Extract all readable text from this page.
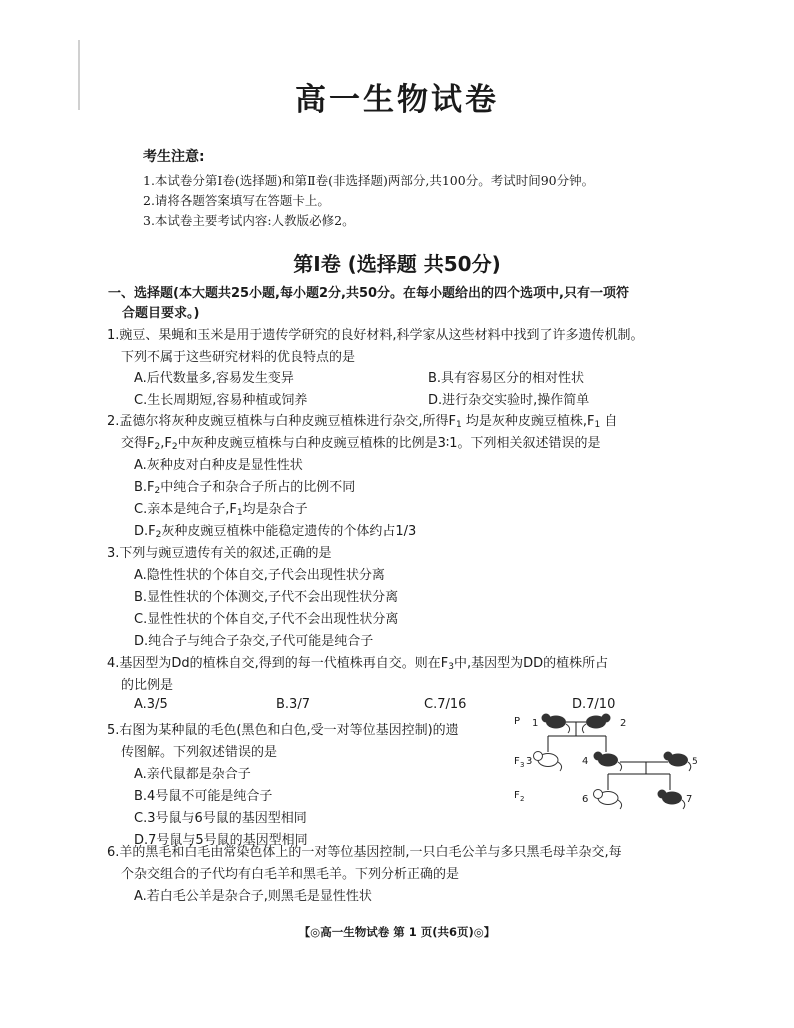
高一生物试卷
考生注意:
1.本试卷分第Ⅰ卷(选择题)和第Ⅱ卷(非选择题)两部分,共100分。考试时间90分钟。
2.请将各题答案填写在答题卡上。
3.本试卷主要考试内容:人教版必修2。
第Ⅰ卷 (选择题 共50分)
一、选择题(本大题共25小题,每小题2分,共50分。在每小题给出的四个选项中,只有一项符
合题目要求。)
1.豌豆、果蝇和玉米是用于遗传学研究的良好材料,科学家从这些材料中找到了许多遗传机制。
下列不属于这些研究材料的优良特点的是
A.后代数量多,容易发生变异	B.具有容易区分的相对性状
C.生长周期短,容易种植或饲养	D.进行杂交实验时,操作简单
2.孟德尔将灰种皮豌豆植株与白种皮豌豆植株进行杂交,所得$F_1$ 均是灰种皮豌豆植株$,F_1$ 自
交得$F_2,F_2$中灰种皮豌豆植株与白种皮豌豆植株的比例是3∶1。下列相关叙述错误的是
A.灰种皮对白种皮是显性性状
$B.F_2$中纯合子和杂合子所占的比例不同
C.亲本是纯合子$,F_1$均是杂合子
$D.F_2$灰种皮豌豆植株中能稳定遗传的个体约占1/3
3.下列与豌豆遗传有关的叙述,正确的是
A.隐性性状的个体自交,子代会出现性状分离
B.显性性状的个体测交,子代不会出现性状分离
C.显性性状的个体自交,子代不会出现性状分离
D.纯合子与纯合子杂交,子代可能是纯合子
4.基因型为Dd的植株自交,得到的每一代植株再自交。则在$F_3$中,基因型为DD的植株所占
的比例是
A.3/5	B.3/7	C.7/16	D.7/10
5.右图为某种鼠的毛色(黑色和白色,受一对等位基因控制)的遗
传图解。下列叙述错误的是
A.亲代鼠都是杂合子
B.4号鼠不可能是纯合子
C.3号鼠与6号鼠的基因型相同
D.7号鼠与5号鼠的基因型相同
P
F 3
F 2
1	2
3	4	5
6	7
6.羊的黑毛和白毛由常染色体上的一对等位基因控制,一只白毛公羊与多只黑毛母羊杂交,每
个杂交组合的子代均有白毛羊和黑毛羊。下列分析正确的是
A.若白毛公羊是杂合子,则黑毛是显性性状
【◎高一生物试卷 第 1 页(共6页)◎】
